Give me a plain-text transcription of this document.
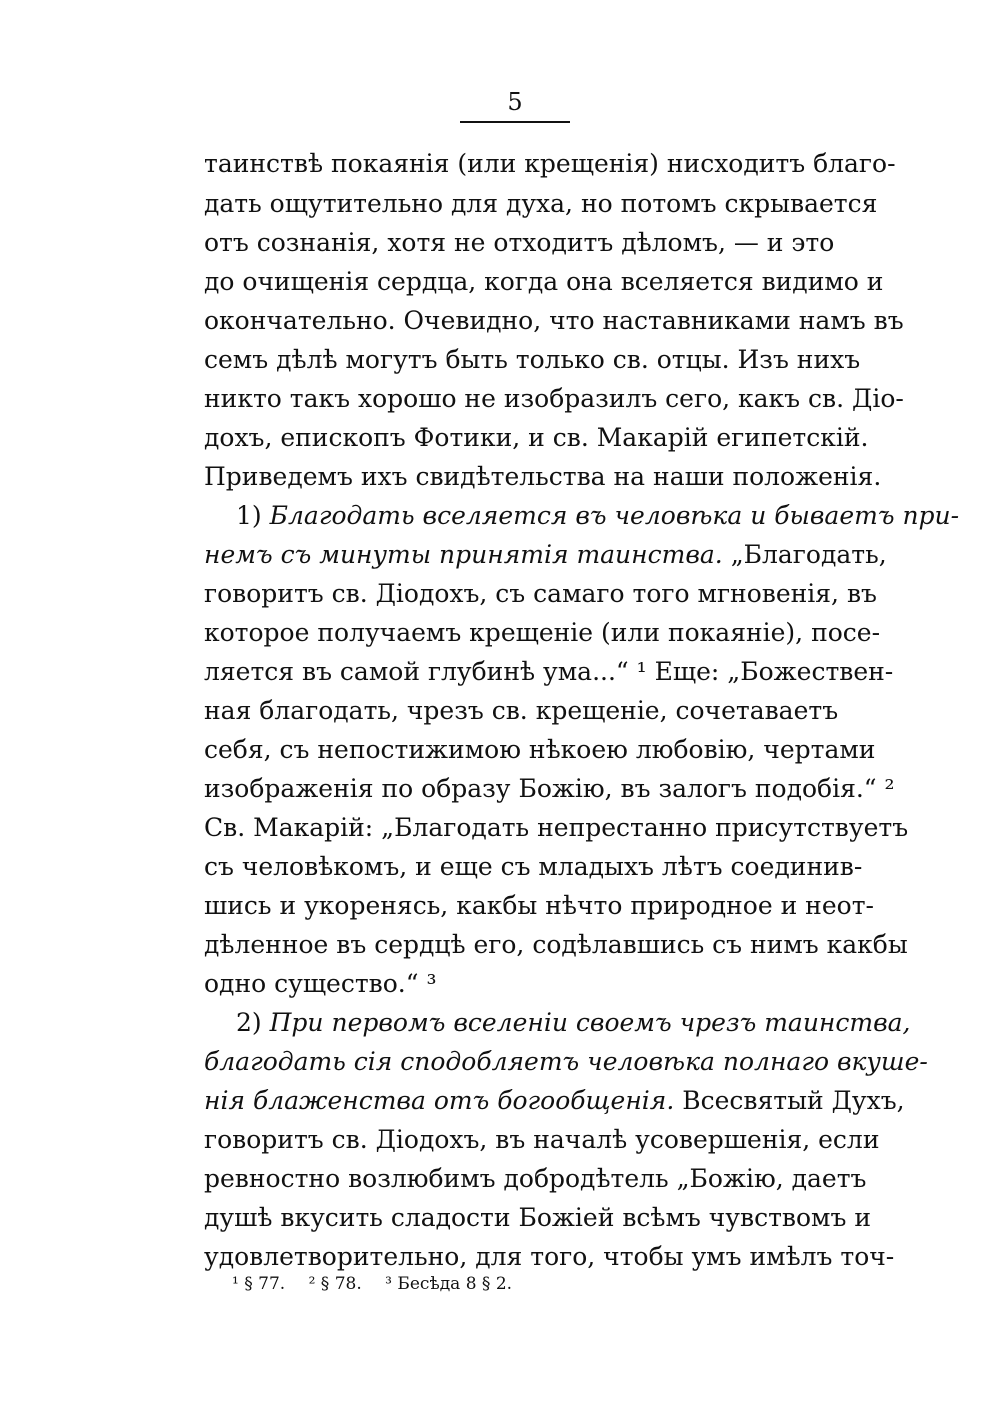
5
таинствѣ покаянія (или крещенія) нисходитъ благо-
дать ощутительно для духа, но потомъ скрывается
отъ сознанія, хотя не отходитъ дѣломъ, — и это
до очищенія сердца, когда она вселяется видимо и
окончательно. Очевидно, что наставниками намъ въ
семъ дѣлѣ могутъ быть только св. отцы. Изъ нихъ
никто такъ хорошо не изобразилъ сего, какъ св. Діо-
дохъ, епископъ Фотики, и св. Макарій египетскій.
Приведемъ ихъ свидѣтельства на наши положенія.
1) Благодать вселяется въ человѣка и бываетъ при-
немъ съ минуты принятія таинства. „Благодать,
говоритъ св. Діодохъ, съ самаго того мгновенія, въ
которое получаемъ крещеніе (или покаяніе), посе-
ляется въ самой глубинѣ ума...“ ¹ Еще: „Божествен-
ная благодать, чрезъ св. крещеніе, сочетаваетъ
себя, съ непостижимою нѣкоею любовію, чертами
изображенія по образу Божію, въ залогъ подобія.“ ²
Св. Макарій: „Благодать непрестанно присутствуетъ
съ человѣкомъ, и еще съ младыхъ лѣтъ соединив-
шись и укоренясь, какбы нѣчто природное и неот-
дѣленное въ сердцѣ его, содѣлавшись съ нимъ какбы
одно существо.“ ³
2) При первомъ вселеніи своемъ чрезъ таинства,
благодать сія сподобляетъ человѣка полнаго вкуше-
нія блаженства отъ богообщенія. Всесвятый Духъ,
говоритъ св. Діодохъ, въ началѣ усовершенія, если
ревностно возлюбимъ добродѣтель „Божію, даетъ
душѣ вкусить сладости Божіей всѣмъ чувствомъ и
удовлетворительно, для того, чтобы умъ имѣлъ точ-
¹ § 77. ² § 78. ³ Бесѣда 8 § 2.
